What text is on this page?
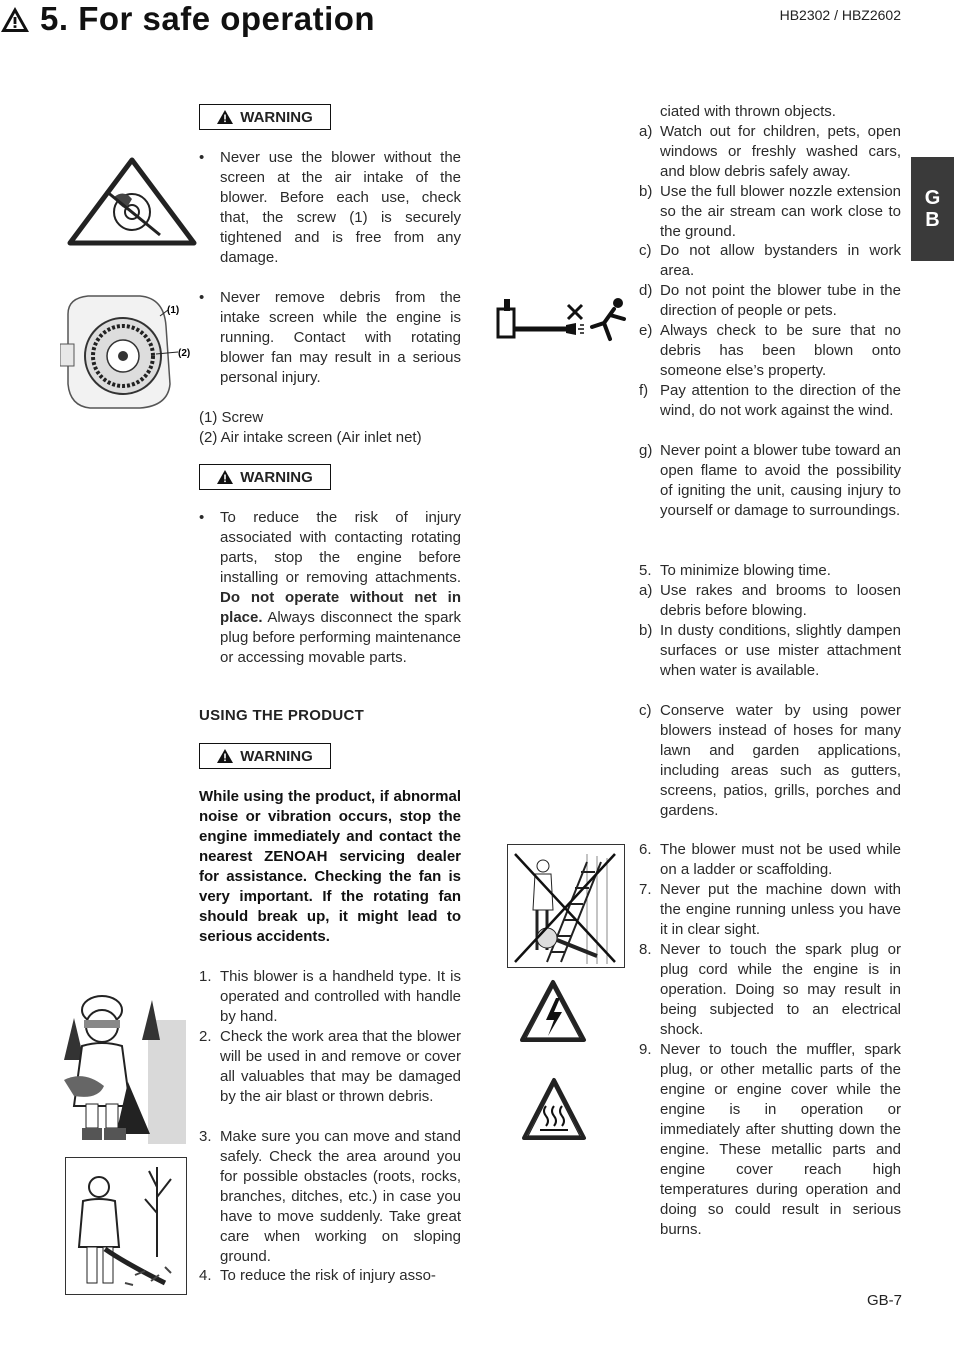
HB2302 / HBZ2602
5. For safe operation
G
B
WARNING
• Never use the blower without the screen at the air intake of the blower. Before each use, check that, the screw (1) is securely tightened and is free from any damage.
(1)
(2)
• Never remove debris from the intake screen while the engine is running. Contact with rotating blower fan may result in a serious personal injury.
(1) Screw
(2) Air intake screen (Air inlet net)
WARNING
• To reduce the risk of injury associated with contacting rotating parts, stop the engine before installing or removing attachments. Do not operate without net in place. Always disconnect the spark plug before performing maintenance or accessing movable parts.
USING THE PRODUCT
WARNING
While using the product, if abnormal noise or vibration occurs, stop the engine immediately and contact the nearest ZENOAH servicing dealer for assistance. Checking the fan is very important. If the rotating fan should break up, it might lead to serious accidents.
1. This blower is a handheld type. It is operated and controlled with handle by hand.
2. Check the work area that the blower will be used in and remove or cover all valuables that may be damaged by the air blast or thrown debris.
3. Make sure you can move and stand safely. Check the area around you for possible obstacles (roots, rocks, branches, ditches, etc.) in case you have to move suddenly. Take great care when working on sloping ground.
4. To reduce the risk of injury asso-
ciated with thrown objects.
a) Watch out for children, pets, open windows or freshly washed cars, and blow debris safely away.
b) Use the full blower nozzle extension so the air stream can work close to the ground.
c) Do not allow bystanders in work area.
d) Do not point the blower tube in the direction of people or pets.
e) Always check to be sure that no debris has been blown onto someone else’s property.
f) Pay attention to the direction of the wind, do not work against the wind.
g) Never point a blower tube toward an open flame to avoid the possibility of igniting the unit, causing injury to yourself or damage to surroundings.
5. To minimize blowing time.
a) Use rakes and brooms to loosen debris before blowing.
b) In dusty conditions, slightly dampen surfaces or use mister attachment when water is available.
c) Conserve water by using power blowers instead of hoses for many lawn and garden applications, including areas such as gutters, screens, patios, grills, porches and gardens.
6. The blower must not be used while on a ladder or scaffolding.
7. Never put the machine down with the engine running unless you have it in clear sight.
8. Never to touch the spark plug or plug cord while the engine is in operation. Doing so may result in being subjected to an electrical shock.
9. Never to touch the muffler, spark plug, or other metallic parts of the engine or engine cover while the engine is in operation or immediately after shutting down the engine. These metallic parts and engine cover reach high temperatures during operation and doing so could result in serious burns.
GB-7
